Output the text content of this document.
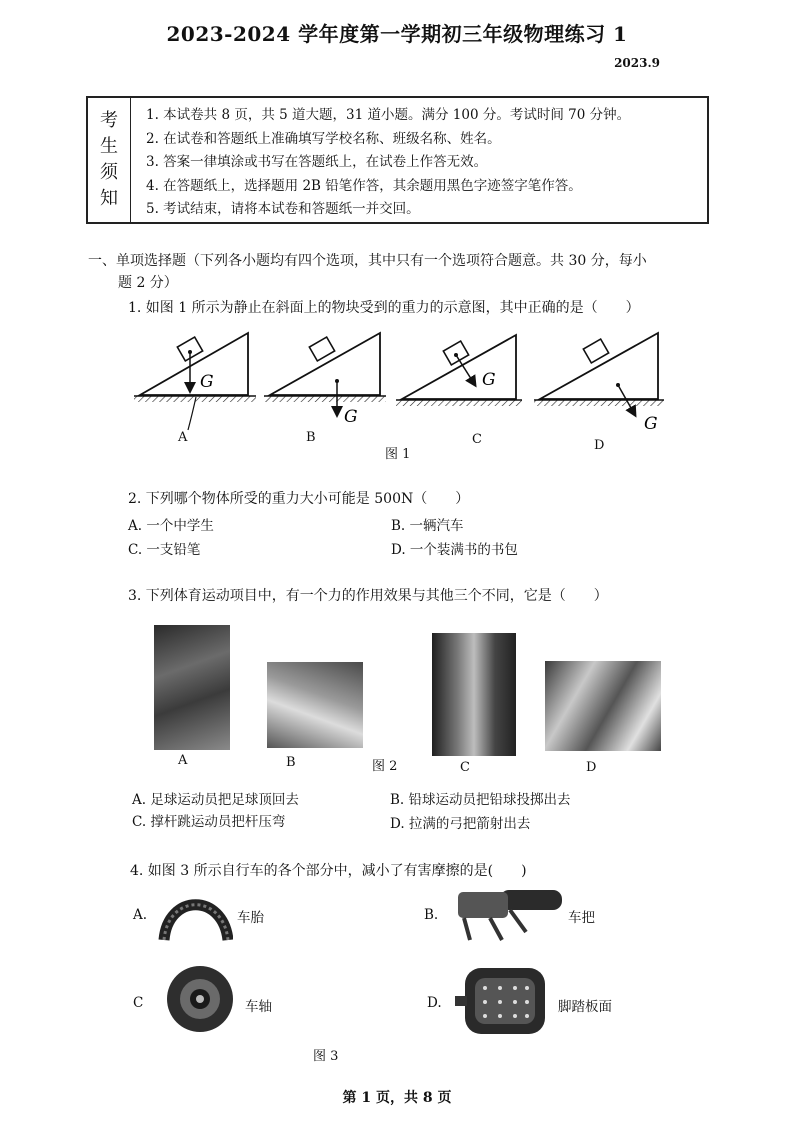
2023-2024 学年度第一学期初三年级物理练习 1
2023.9
考
生
须
知
1. 本试卷共 8 页，共 5 道大题，31 道小题。满分 100 分。考试时间 70 分钟。
2. 在试卷和答题纸上准确填写学校名称、班级名称、姓名。
3. 答案一律填涂或书写在答题纸上，在试卷上作答无效。
4. 在答题纸上，选择题用 2B 铅笔作答，其余题用黑色字迹签字笔作答。
5. 考试结束，请将本试卷和答题纸一并交回。
一、单项选择题（下列各小题均有四个选项，其中只有一个选项符合题意。共 30 分，每小
题 2 分）
1. 如图 1 所示为静止在斜面上的物块受到的重力的示意图，其中正确的是（　　）
G
G
G
G
A	B	C	D
图 1
2. 下列哪个物体所受的重力大小可能是 500N（　　）
A. 一个中学生	B. 一辆汽车
C. 一支铅笔	D. 一个装满书的书包
3. 下列体育运动项目中，有一个力的作用效果与其他三个不同，它是（　　）
A	B	图 2	C	D
A. 足球运动员把足球顶回去	B. 铅球运动员把铅球投掷出去
C. 撑杆跳运动员把杆压弯	D. 拉满的弓把箭射出去
4. 如图 3 所示自行车的各个部分中，减小了有害摩擦的是(　　)
A.	车胎	B.	车把
C	车轴	D.	脚踏板面
图 3
第 1 页，共 8 页
